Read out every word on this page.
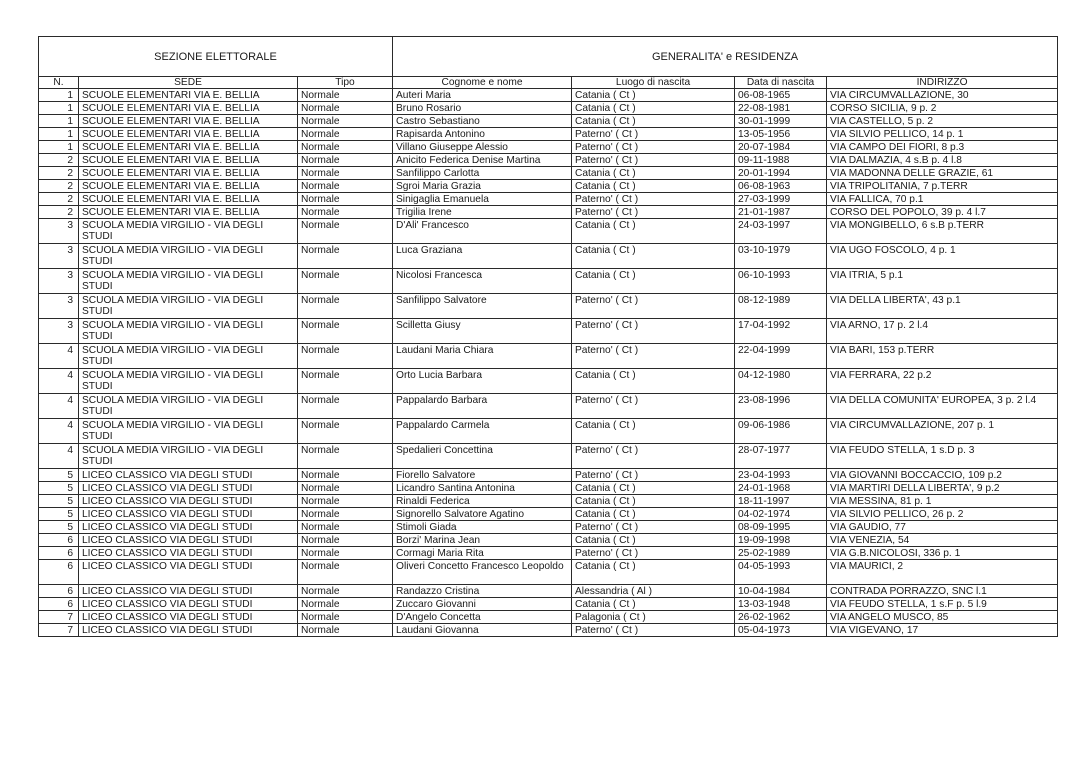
SEZIONE ELETTORALE			GENERALITA' e RESIDENZA			
N.	SEDE	Tipo	Cognome e nome	Luogo di nascita	Data di nascita	INDIRIZZO
1	SCUOLE ELEMENTARI VIA E. BELLIA	Normale	Auteri Maria	Catania ( Ct )	06-08-1965	VIA CIRCUMVALLAZIONE, 30
1	SCUOLE ELEMENTARI VIA E. BELLIA	Normale	Bruno Rosario	Catania ( Ct )	22-08-1981	CORSO SICILIA, 9 p. 2
1	SCUOLE ELEMENTARI VIA E. BELLIA	Normale	Castro Sebastiano	Catania ( Ct )	30-01-1999	VIA CASTELLO, 5 p. 2
1	SCUOLE ELEMENTARI VIA E. BELLIA	Normale	Rapisarda Antonino	Paterno' ( Ct )	13-05-1956	VIA SILVIO PELLICO, 14 p. 1
1	SCUOLE ELEMENTARI VIA E. BELLIA	Normale	Villano Giuseppe Alessio	Paterno' ( Ct )	20-07-1984	VIA CAMPO DEI FIORI, 8 p.3
2	SCUOLE ELEMENTARI VIA E. BELLIA	Normale	Anicito Federica Denise Martina	Paterno' ( Ct )	09-11-1988	VIA DALMAZIA, 4 s.B p. 4 l.8
2	SCUOLE ELEMENTARI VIA E. BELLIA	Normale	Sanfilippo Carlotta	Catania ( Ct )	20-01-1994	VIA MADONNA DELLE GRAZIE, 61
2	SCUOLE ELEMENTARI VIA E. BELLIA	Normale	Sgroi Maria Grazia	Catania ( Ct )	06-08-1963	VIA TRIPOLITANIA, 7 p.TERR
2	SCUOLE ELEMENTARI VIA E. BELLIA	Normale	Sinigaglia Emanuela	Paterno' ( Ct )	27-03-1999	VIA FALLICA, 70 p.1
2	SCUOLE ELEMENTARI VIA E. BELLIA	Normale	Trigilia Irene	Paterno' ( Ct )	21-01-1987	CORSO DEL POPOLO, 39 p. 4 l.7
3	SCUOLA MEDIA VIRGILIO - VIA DEGLI STUDI	Normale	D'Ali' Francesco	Catania ( Ct )	24-03-1997	VIA MONGIBELLO, 6 s.B p.TERR
3	SCUOLA MEDIA VIRGILIO - VIA DEGLI STUDI	Normale	Luca Graziana	Catania ( Ct )	03-10-1979	VIA UGO FOSCOLO, 4 p. 1
3	SCUOLA MEDIA VIRGILIO - VIA DEGLI STUDI	Normale	Nicolosi Francesca	Catania ( Ct )	06-10-1993	VIA ITRIA, 5 p.1
3	SCUOLA MEDIA VIRGILIO - VIA DEGLI STUDI	Normale	Sanfilippo Salvatore	Paterno' ( Ct )	08-12-1989	VIA DELLA LIBERTA', 43 p.1
3	SCUOLA MEDIA VIRGILIO - VIA DEGLI STUDI	Normale	Scilletta Giusy	Paterno' ( Ct )	17-04-1992	VIA ARNO, 17 p. 2 l.4
4	SCUOLA MEDIA VIRGILIO - VIA DEGLI STUDI	Normale	Laudani Maria Chiara	Paterno' ( Ct )	22-04-1999	VIA BARI, 153 p.TERR
4	SCUOLA MEDIA VIRGILIO - VIA DEGLI STUDI	Normale	Orto Lucia Barbara	Catania ( Ct )	04-12-1980	VIA FERRARA, 22 p.2
4	SCUOLA MEDIA VIRGILIO - VIA DEGLI STUDI	Normale	Pappalardo Barbara	Paterno' ( Ct )	23-08-1996	VIA DELLA COMUNITA' EUROPEA, 3 p. 2 l.4
4	SCUOLA MEDIA VIRGILIO - VIA DEGLI STUDI	Normale	Pappalardo Carmela	Catania ( Ct )	09-06-1986	VIA CIRCUMVALLAZIONE, 207 p. 1
4	SCUOLA MEDIA VIRGILIO - VIA DEGLI STUDI	Normale	Spedalieri Concettina	Paterno' ( Ct )	28-07-1977	VIA FEUDO STELLA, 1 s.D p. 3
5	LICEO CLASSICO VIA DEGLI STUDI	Normale	Fiorello Salvatore	Paterno' ( Ct )	23-04-1993	VIA GIOVANNI BOCCACCIO, 109 p.2
5	LICEO CLASSICO VIA DEGLI STUDI	Normale	Licandro Santina Antonina	Catania ( Ct )	24-01-1968	VIA MARTIRI DELLA LIBERTA', 9 p.2
5	LICEO CLASSICO VIA DEGLI STUDI	Normale	Rinaldi Federica	Catania ( Ct )	18-11-1997	VIA MESSINA, 81 p. 1
5	LICEO CLASSICO VIA DEGLI STUDI	Normale	Signorello Salvatore Agatino	Catania ( Ct )	04-02-1974	VIA SILVIO PELLICO, 26 p. 2
5	LICEO CLASSICO VIA DEGLI STUDI	Normale	Stimoli Giada	Paterno' ( Ct )	08-09-1995	VIA GAUDIO, 77
6	LICEO CLASSICO VIA DEGLI STUDI	Normale	Borzi' Marina Jean	Catania ( Ct )	19-09-1998	VIA VENEZIA, 54
6	LICEO CLASSICO VIA DEGLI STUDI	Normale	Cormagi Maria Rita	Paterno' ( Ct )	25-02-1989	VIA G.B.NICOLOSI, 336 p. 1
6	LICEO CLASSICO VIA DEGLI STUDI	Normale	Oliveri Concetto Francesco Leopoldo	Catania ( Ct )	04-05-1993	VIA MAURICI, 2
6	LICEO CLASSICO VIA DEGLI STUDI	Normale	Randazzo Cristina	Alessandria ( Al )	10-04-1984	CONTRADA PORRAZZO, SNC l.1
6	LICEO CLASSICO VIA DEGLI STUDI	Normale	Zuccaro Giovanni	Catania ( Ct )	13-03-1948	VIA FEUDO STELLA, 1 s.F p. 5 l.9
7	LICEO CLASSICO VIA DEGLI STUDI	Normale	D'Angelo Concetta	Palagonia ( Ct )	26-02-1962	VIA ANGELO MUSCO, 85
7	LICEO CLASSICO VIA DEGLI STUDI	Normale	Laudani Giovanna	Paterno' ( Ct )	05-04-1973	VIA VIGEVANO, 17
